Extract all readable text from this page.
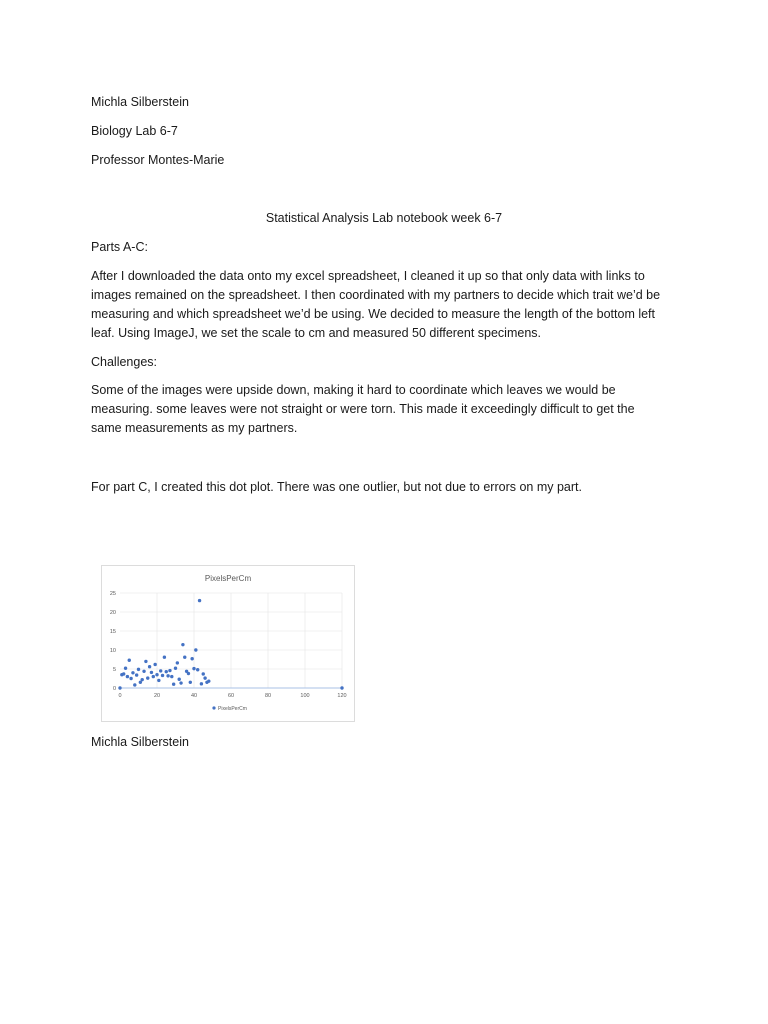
Michla Silberstein
Biology Lab 6-7
Professor Montes-Marie
Statistical Analysis Lab notebook week 6-7
Parts A-C:
After I downloaded the data onto my excel spreadsheet, I cleaned it up so that only data with links to
images remained on the spreadsheet. I then coordinated with my partners to decide which trait we’d be
measuring and which spreadsheet we’d be using. We decided to measure the length of the bottom left
leaf. Using ImageJ, we set the scale to cm and measured 50 different specimens.
Challenges:
Some of the images were upside down, making it hard to coordinate which leaves we would be
measuring. some leaves were not straight or were torn. This made it exceedingly difficult to get the
same measurements as my partners.
For part C, I created this dot plot. There was one outlier, but not due to errors on my part.
PixelsPerCm
0
5
10
15
20
25
0	20	40	60	80	100	120
PixelsPerCm
Michla Silberstein
